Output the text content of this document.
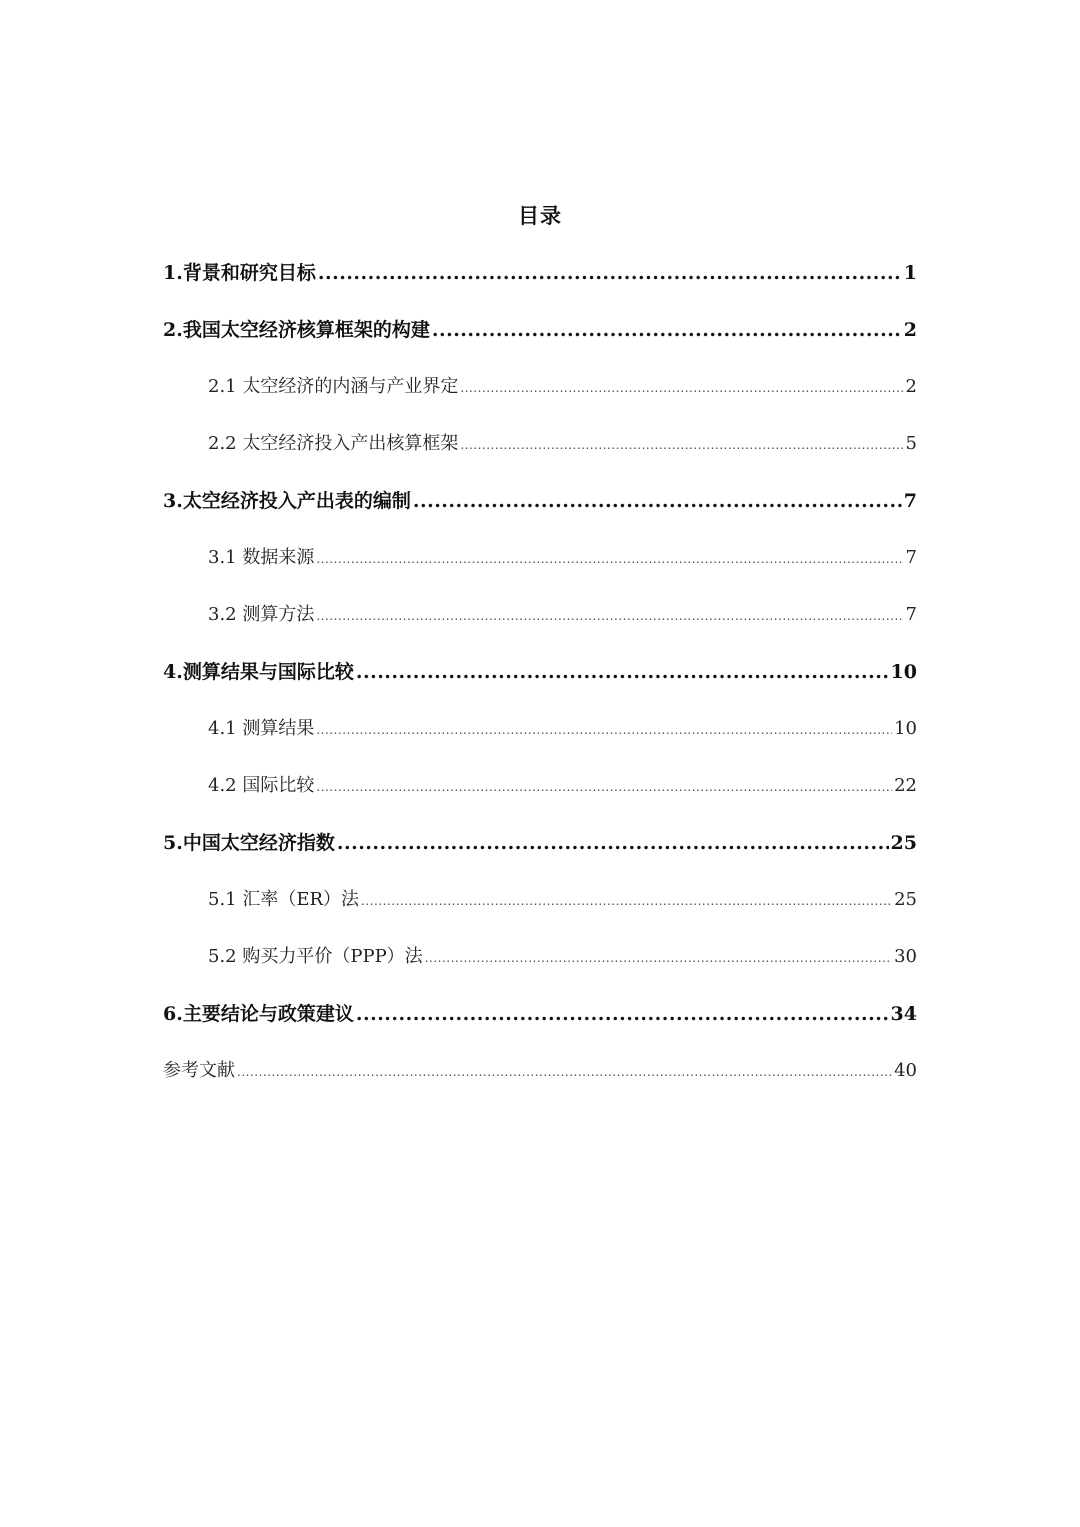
目录
1.背景和研究目标 .....	1
2.我国太空经济核算框架的构建 .....	2
2.1 太空经济的内涵与产业界定 .....	2
2.2 太空经济投入产出核算框架 .....	5
3.太空经济投入产出表的编制 .....	7
3.1 数据来源 .....	7
3.2 测算方法 .....	7
4.测算结果与国际比较 .....	10
4.1 测算结果 .....	10
4.2 国际比较 .....	22
5.中国太空经济指数 .....	25
5.1 汇率（ER）法 .....	25
5.2 购买力平价（PPP）法 .....	30
6.主要结论与政策建议 .....	34
参考文献 .....	40
